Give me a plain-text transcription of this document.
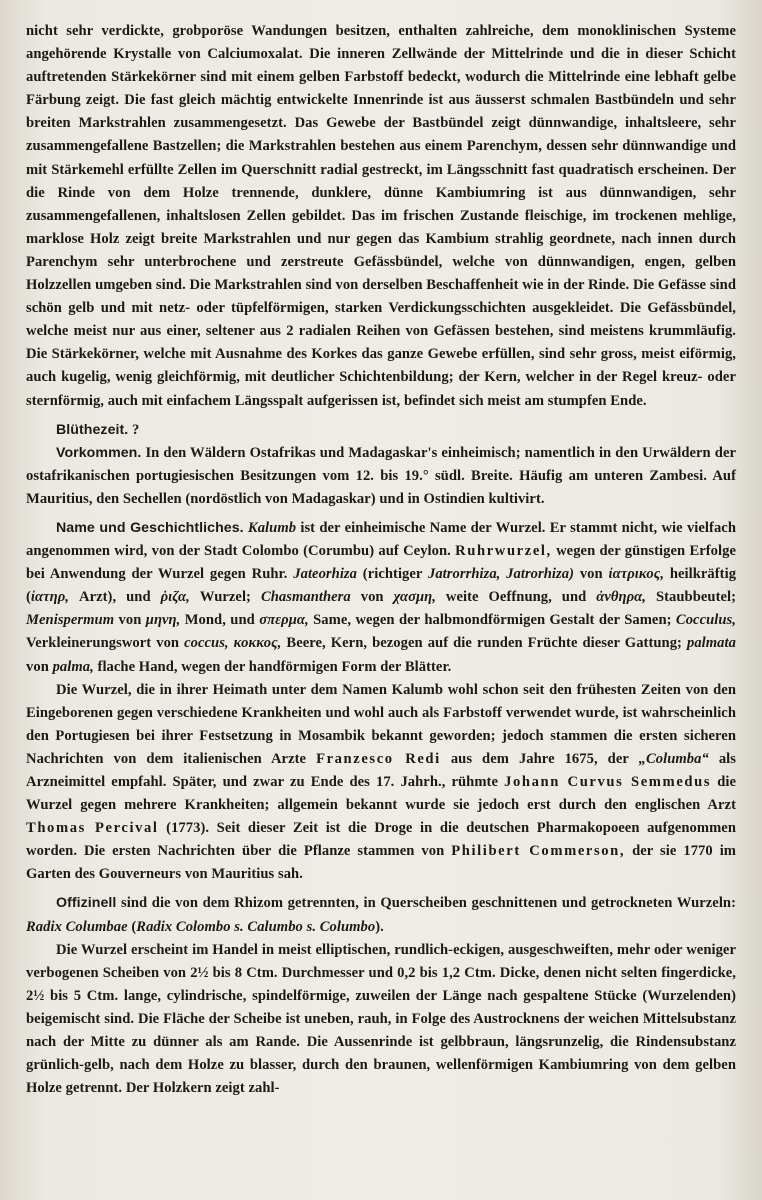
nicht sehr verdickte, grobporöse Wandungen besitzen, enthalten zahlreiche, dem monoklinischen Systeme angehörende Krystalle von Calciumoxalat. Die inneren Zellwände der Mittelrinde und die in dieser Schicht auftretenden Stärkekörner sind mit einem gelben Farbstoff bedeckt, wodurch die Mittelrinde eine lebhaft gelbe Färbung zeigt. Die fast gleich mächtig entwickelte Innenrinde ist aus äusserst schmalen Bastbündeln und sehr breiten Markstrahlen zusammengesetzt. Das Gewebe der Bastbündel zeigt dünnwandige, inhaltsleere, sehr zusammengefallene Bastzellen; die Markstrahlen bestehen aus einem Parenchym, dessen sehr dünnwandige und mit Stärkemehl erfüllte Zellen im Querschnitt radial gestreckt, im Längsschnitt fast quadratisch erscheinen. Der die Rinde von dem Holze trennende, dunklere, dünne Kambiumring ist aus dünnwandigen, sehr zusammengefallenen, inhaltslosen Zellen gebildet. Das im frischen Zustande fleischige, im trockenen mehlige, marklose Holz zeigt breite Markstrahlen und nur gegen das Kambium strahlig geordnete, nach innen durch Parenchym sehr unterbrochene und zerstreute Gefässbündel, welche von dünnwandigen, engen, gelben Holzzellen umgeben sind. Die Markstrahlen sind von derselben Beschaffenheit wie in der Rinde. Die Gefässe sind schön gelb und mit netz- oder tüpfelförmigen, starken Verdickungsschichten ausgekleidet. Die Gefässbündel, welche meist nur aus einer, seltener aus 2 radialen Reihen von Gefässen bestehen, sind meistens krummläufig. Die Stärkekörner, welche mit Ausnahme des Korkes das ganze Gewebe erfüllen, sind sehr gross, meist eiförmig, auch kugelig, wenig gleichförmig, mit deutlicher Schichtenbildung; der Kern, welcher in der Regel kreuz- oder sternförmig, auch mit einfachem Längsspalt aufgerissen ist, befindet sich meist am stumpfen Ende.

Blüthezeit. ?

Vorkommen. In den Wäldern Ostafrikas und Madagaskar's einheimisch; namentlich in den Urwäldern der ostafrikanischen portugiesischen Besitzungen vom 12. bis 19.° südl. Breite. Häufig am unteren Zambesi. Auf Mauritius, den Sechellen (nordöstlich von Madagaskar) und in Ostindien kultivirt.

Name und Geschichtliches. Kalumb ist der einheimische Name der Wurzel. Er stammt nicht, wie vielfach angenommen wird, von der Stadt Colombo (Corumbu) auf Ceylon. Ruhrwurzel, wegen der günstigen Erfolge bei Anwendung der Wurzel gegen Ruhr. Jateorhiza (richtiger Jatrorrhiza, Jatrorhiza) von ἰατρικος, heilkräftig (ἰατηρ, Arzt), und ῥιζα, Wurzel; Chasmanthera von χασμη, weite Oeffnung, und ἀνθηρα, Staubbeutel; Menispermum von μηνη, Mond, und σπερμα, Same, wegen der halbmondförmigen Gestalt der Samen; Cocculus, Verkleinerungswort von coccus, κοκκος, Beere, Kern, bezogen auf die runden Früchte dieser Gattung; palmata von palma, flache Hand, wegen der handförmigen Form der Blätter.

Die Wurzel, die in ihrer Heimath unter dem Namen Kalumb wohl schon seit den frühesten Zeiten von den Eingeborenen gegen verschiedene Krankheiten und wohl auch als Farbstoff verwendet wurde, ist wahrscheinlich den Portugiesen bei ihrer Festsetzung in Mosambik bekannt geworden; jedoch stammen die ersten sicheren Nachrichten von dem italienischen Arzte Franzesco Redi aus dem Jahre 1675, der „Columba“ als Arzneimittel empfahl. Später, und zwar zu Ende des 17. Jahrh., rühmte Johann Curvus Semmedus die Wurzel gegen mehrere Krankheiten; allgemein bekannt wurde sie jedoch erst durch den englischen Arzt Thomas Percival (1773). Seit dieser Zeit ist die Droge in die deutschen Pharmakopoeen aufgenommen worden. Die ersten Nachrichten über die Pflanze stammen von Philibert Commerson, der sie 1770 im Garten des Gouverneurs von Mauritius sah.

Offizinell sind die von dem Rhizom getrennten, in Querscheiben geschnittenen und getrockneten Wurzeln: Radix Columbae (Radix Colombo s. Calumbo s. Columbo).

Die Wurzel erscheint im Handel in meist elliptischen, rundlich-eckigen, ausgeschweiften, mehr oder weniger verbogenen Scheiben von 2½ bis 8 Ctm. Durchmesser und 0,2 bis 1,2 Ctm. Dicke, denen nicht selten fingerdicke, 2½ bis 5 Ctm. lange, cylindrische, spindelförmige, zuweilen der Länge nach gespaltene Stücke (Wurzelenden) beigemischt sind. Die Fläche der Scheibe ist uneben, rauh, in Folge des Austrocknens der weichen Mittelsubstanz nach der Mitte zu dünner als am Rande. Die Aussenrinde ist gelbbraun, längsrunzelig, die Rindensubstanz grünlich-gelb, nach dem Holze zu blasser, durch den braunen, wellenförmigen Kambiumring von dem gelben Holze getrennt. Der Holzkern zeigt zahl-
